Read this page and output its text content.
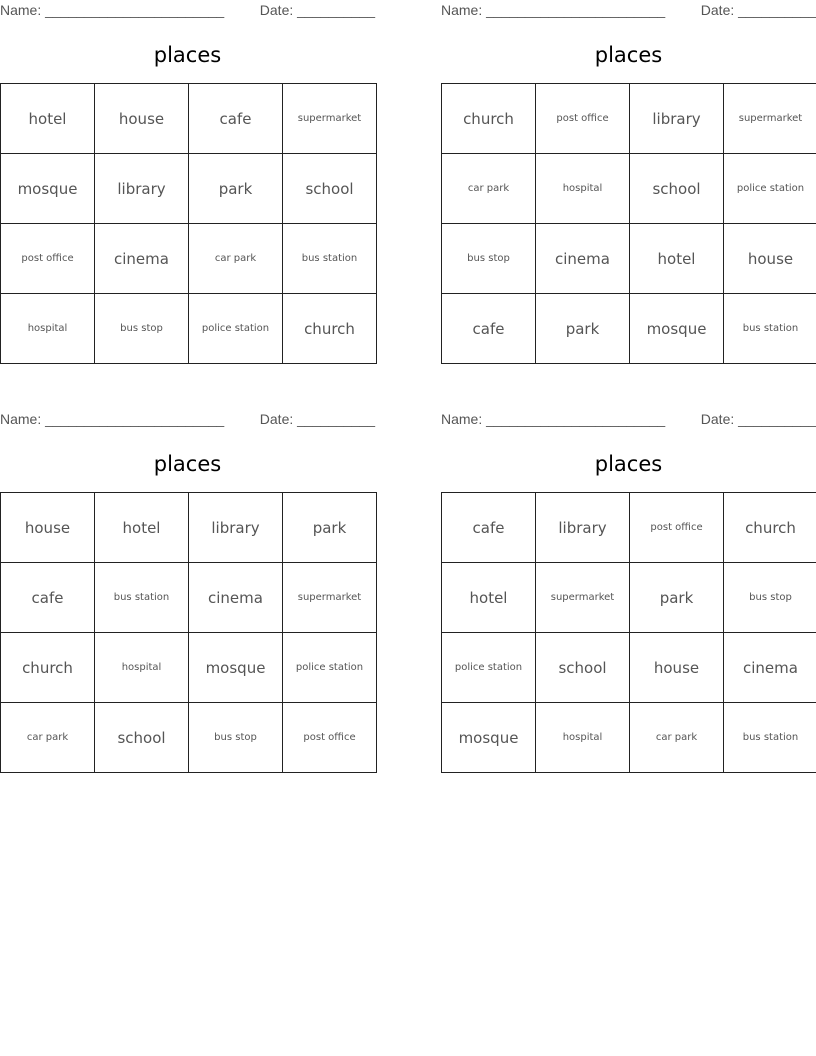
Name: _______________________	Date: __________
places
hotel	house	cafe	supermarket
mosque	library	park	school
post office	cinema	car park	bus station
hospital	bus stop	police station	church
Name: _______________________	Date: __________
places
church	post office	library	supermarket
car park	hospital	school	police station
bus stop	cinema	hotel	house
cafe	park	mosque	bus station
Name: _______________________	Date: __________
places
house	hotel	library	park
cafe	bus station	cinema	supermarket
church	hospital	mosque	police station
car park	school	bus stop	post office
Name: _______________________	Date: __________
places
cafe	library	post office	church
hotel	supermarket	park	bus stop
police station	school	house	cinema
mosque	hospital	car park	bus station
